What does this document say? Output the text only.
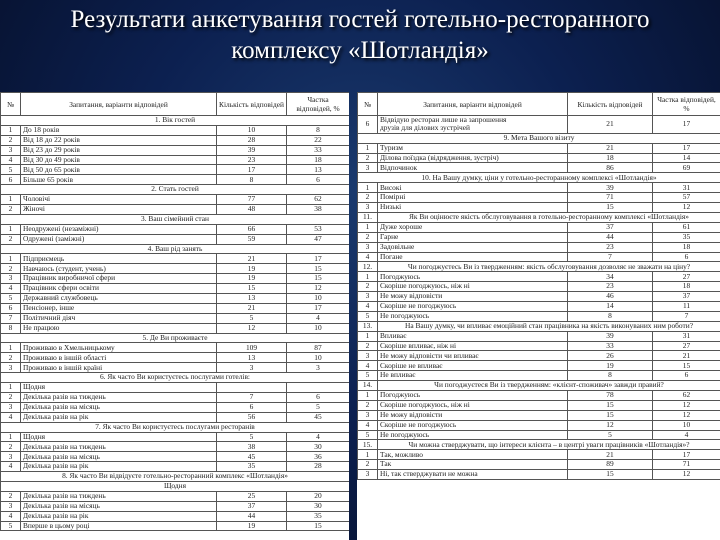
Результати анкетування гостей готельно-ресторанного
комплексу «Шотландія»
№	Запитання, варіанти відповідей	Кількість відповідей	Частка відповідей, %
1. Вік гостей			
1	До 18 років	10	8
2	Від 18 до 22 років	28	22
3	Від 23 до 29 років	39	33
4	Від 30 до 49 років	23	18
5	Від 50 до 65 років	17	13
6	Більше 65 років	8	6
2. Стать гостей			
1	Чоловічі	77	62
2	Жіночі	48	38
3. Ваш сімейний стан			
1	Неодружені (незаміжні)	66	53
2	Одружені (заміжні)	59	47
4. Ваш рід занять			
1	Підприємець	21	17
2	Навчаюсь (студент, учень)	19	15
3	Працівник виробничої сфери	19	15
4	Працівник сфери освіти	15	12
5	Державний службовець	13	10
6	Пенсіонер, інше	21	17
7	Політичний діяч	5	4
8	Не працюю	12	10
5. Де Ви проживаєте			
1	Проживаю в Хмельницькому	109	87
2	Проживаю в іншій області	13	10
3	Проживаю в іншій країні	3	3
6. Як часто Ви користуєтесь послугами готелів:			
1	Щодня		
2	Декілька разів на тиждень	7	6
3	Декілька разів на місяць	6	5
4	Декілька разів на рік	56	45
7. Як часто Ви користуєтесь послугами ресторанів			
1	Щодня	5	4
2	Декілька разів на тиждень	38	30
3	Декілька разів на місяць	45	36
4	Декілька разів на рік	35	28
8. Як часто Ви відвідуєте готельно-ресторанний комплекс «Шотландія»			
Щодня			
2	Декілька разів на тиждень	25	20
3	Декілька разів на місяць	37	30
4	Декілька разів на рік	44	35
5	Вперше в цьому році	19	15
№	Запитання, варіанти відповідей	Кількість відповідей	Частка відповідей, %
6	Відвідую ресторан лише на запрошення
друзів для ділових зустрічей	21	17
9. Мета Вашого візиту			
1	Туризм	21	17
2	Ділова поїздка (відрядження, зустріч)	18	14
3	Відпочинок	86	69
10. На Вашу думку, ціни у готельно-ресторанному комплексі «Шотландія»			
1	Високі	39	31
2	Помірні	71	57
3	Низькі	15	12
11.	Як Ви оцінюєте якість обслуговування в готельно-ресторанному комплексі «Шотландія»		
1	Дуже хороше	37	61
2	Гарне	44	35
3	Задовільне	23	18
4	Погане	7	6
12.	Чи погоджуєтесь Ви із твердженням: якість обслуговування дозволяє не зважати на ціну?		
1	Погоджуюсь	34	27
2	Скоріше погоджуюсь, ніж ні	23	18
3	Не можу відповісти	46	37
4	Скоріше не погоджуюсь	14	11
5	Не погоджуюсь	8	7
13.	На Вашу думку, чи впливає емоційний стан працівника на якість виконуваних ним роботи?		
1	Впливає	39	31
2	Скоріше впливає, ніж ні	33	27
3	Не можу відповісти чи впливає	26	21
4	Скоріше не впливає	19	15
5	Не впливає	8	6
14.	Чи погоджуєтеся Ви із твердженням: «клієнт-споживач» завжди правий?		
1	Погоджуюсь	78	62
2	Скоріше погоджуюсь, ніж ні	15	12
3	Не можу відповісти	15	12
4	Скоріше не погоджуюсь	12	10
5	Не погоджуюсь	5	4
15.	Чи можна стверджувати, що інтереси клієнта – в центрі уваги працівників «Шотландія»?		
1	Так, можливо	21	17
2	Так	89	71
3	Ні, так стверджувати не можна	15	12
